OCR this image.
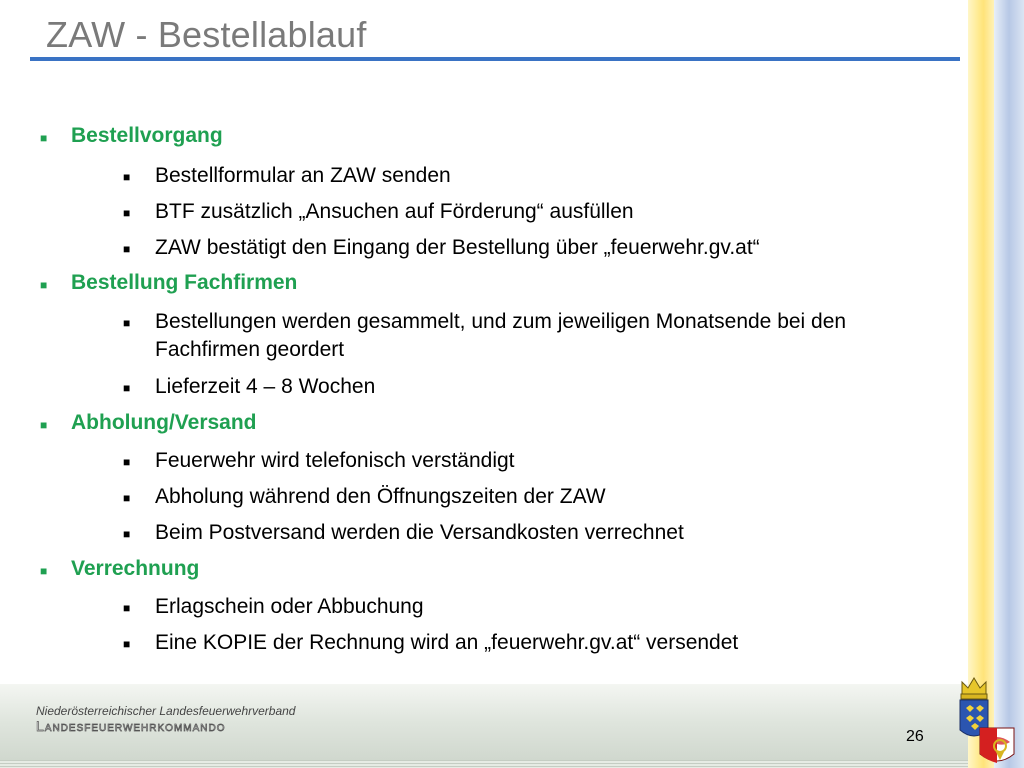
ZAW - Bestellablauf
■ Bestellvorgang
■ Bestellformular an ZAW senden
■ BTF zusätzlich „Ansuchen auf Förderung“ ausfüllen
■ ZAW bestätigt den Eingang der Bestellung über „feuerwehr.gv.at“
■ Bestellung Fachfirmen
■ Bestellungen werden gesammelt, und zum jeweiligen Monatsende bei den Fachfirmen geordert
■ Lieferzeit 4 – 8 Wochen
■ Abholung/Versand
■ Feuerwehr wird telefonisch verständigt
■ Abholung während den Öffnungszeiten der ZAW
■ Beim Postversand werden die Versandkosten verrechnet
■ Verrechnung
■ Erlagschein oder Abbuchung
■ Eine KOPIE der Rechnung wird an „feuerwehr.gv.at“ versendet
Niederösterreichischer Landesfeuerwehrverband
Landesfeuerwehrkommando
26
